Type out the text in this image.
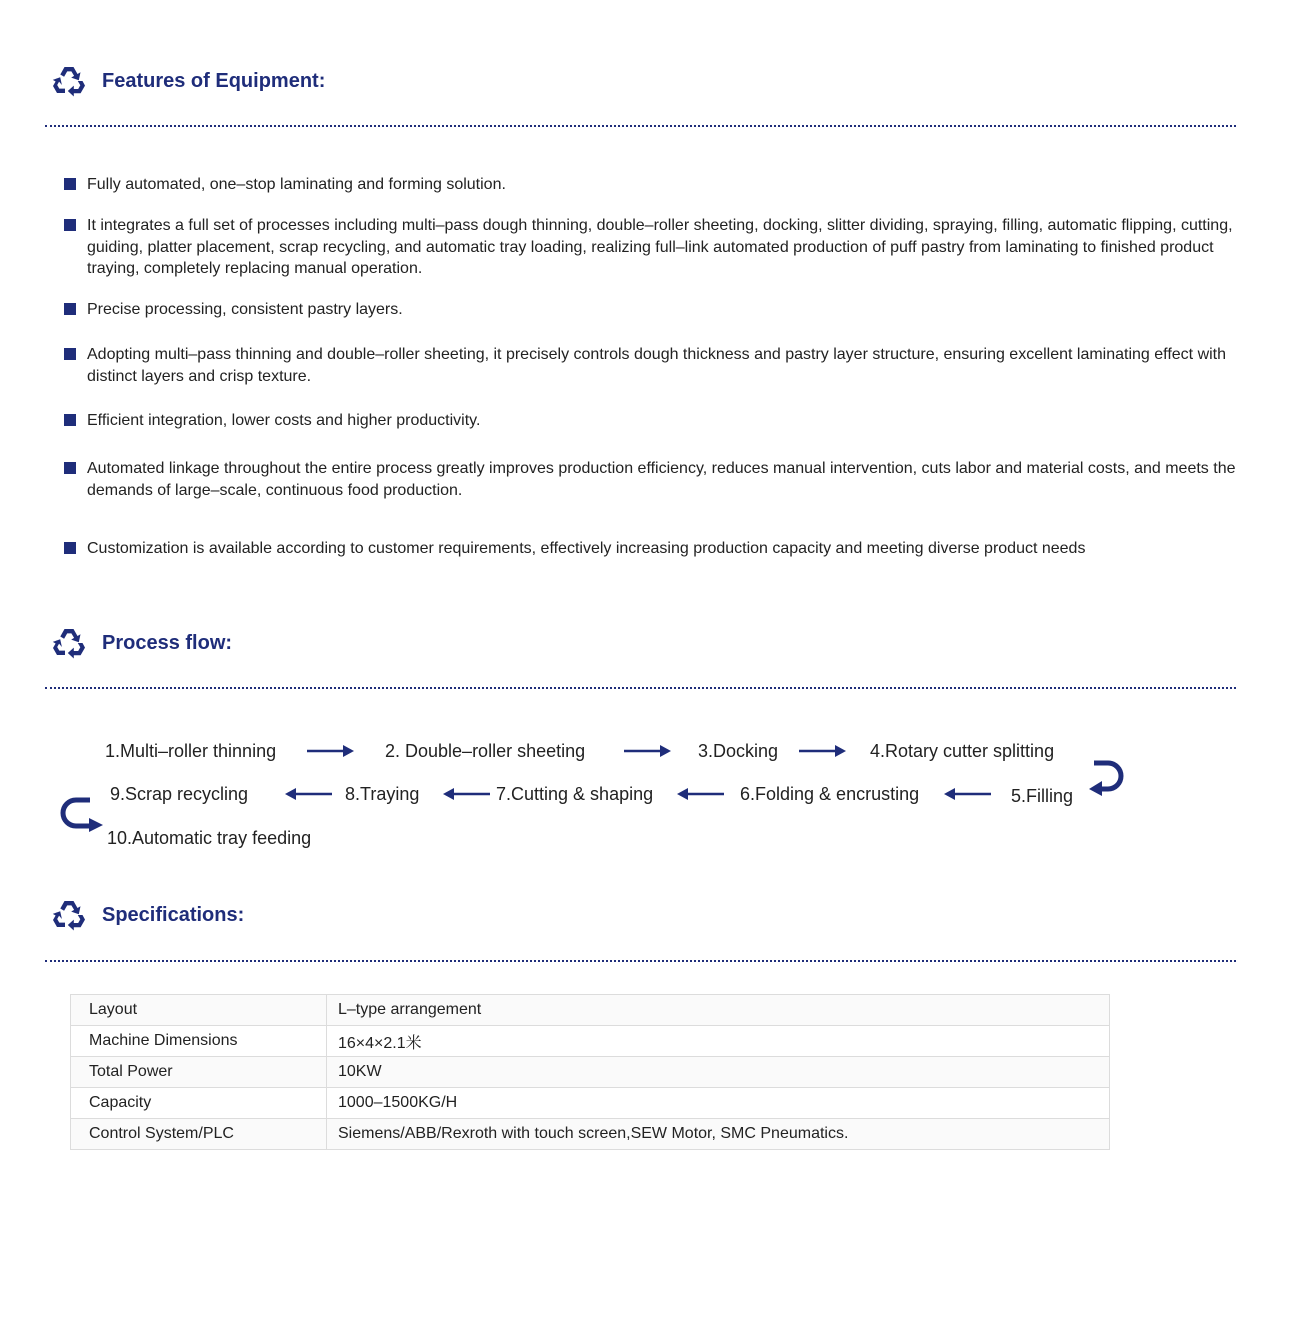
Features of Equipment:
Fully automated, one–stop laminating and forming solution.
It integrates a full set of processes including multi–pass dough thinning, double–roller sheeting, docking, slitter dividing, spraying, filling, automatic flipping, cutting, guiding, platter placement, scrap recycling, and automatic tray loading, realizing full–link automated production of puff pastry from laminating to finished product traying, completely replacing manual operation.
Precise processing, consistent pastry layers.
Adopting multi–pass thinning and double–roller sheeting, it precisely controls dough thickness and pastry layer structure, ensuring excellent laminating effect with distinct layers and crisp texture.
Efficient integration, lower costs and higher productivity.
Automated linkage throughout the entire process greatly improves production efficiency, reduces manual intervention, cuts labor and material costs, and meets the demands of large–scale, continuous food production.
Customization is available according to customer requirements, effectively increasing production capacity and meeting diverse product needs
Process flow:
1.Multi–roller thinning	2. Double–roller sheeting	3.Docking	4.Rotary cutter splitting
5.Filling
6.Folding & encrusting
7.Cutting & shaping
8.Traying
9.Scrap recycling
10.Automatic tray feeding
Specifications:
Layout	L–type arrangement
Machine Dimensions	16×4×2.1米
Total Power	10KW
Capacity	1000–1500KG/H
Control System/PLC	Siemens/ABB/Rexroth with touch screen,SEW Motor, SMC Pneumatics.
